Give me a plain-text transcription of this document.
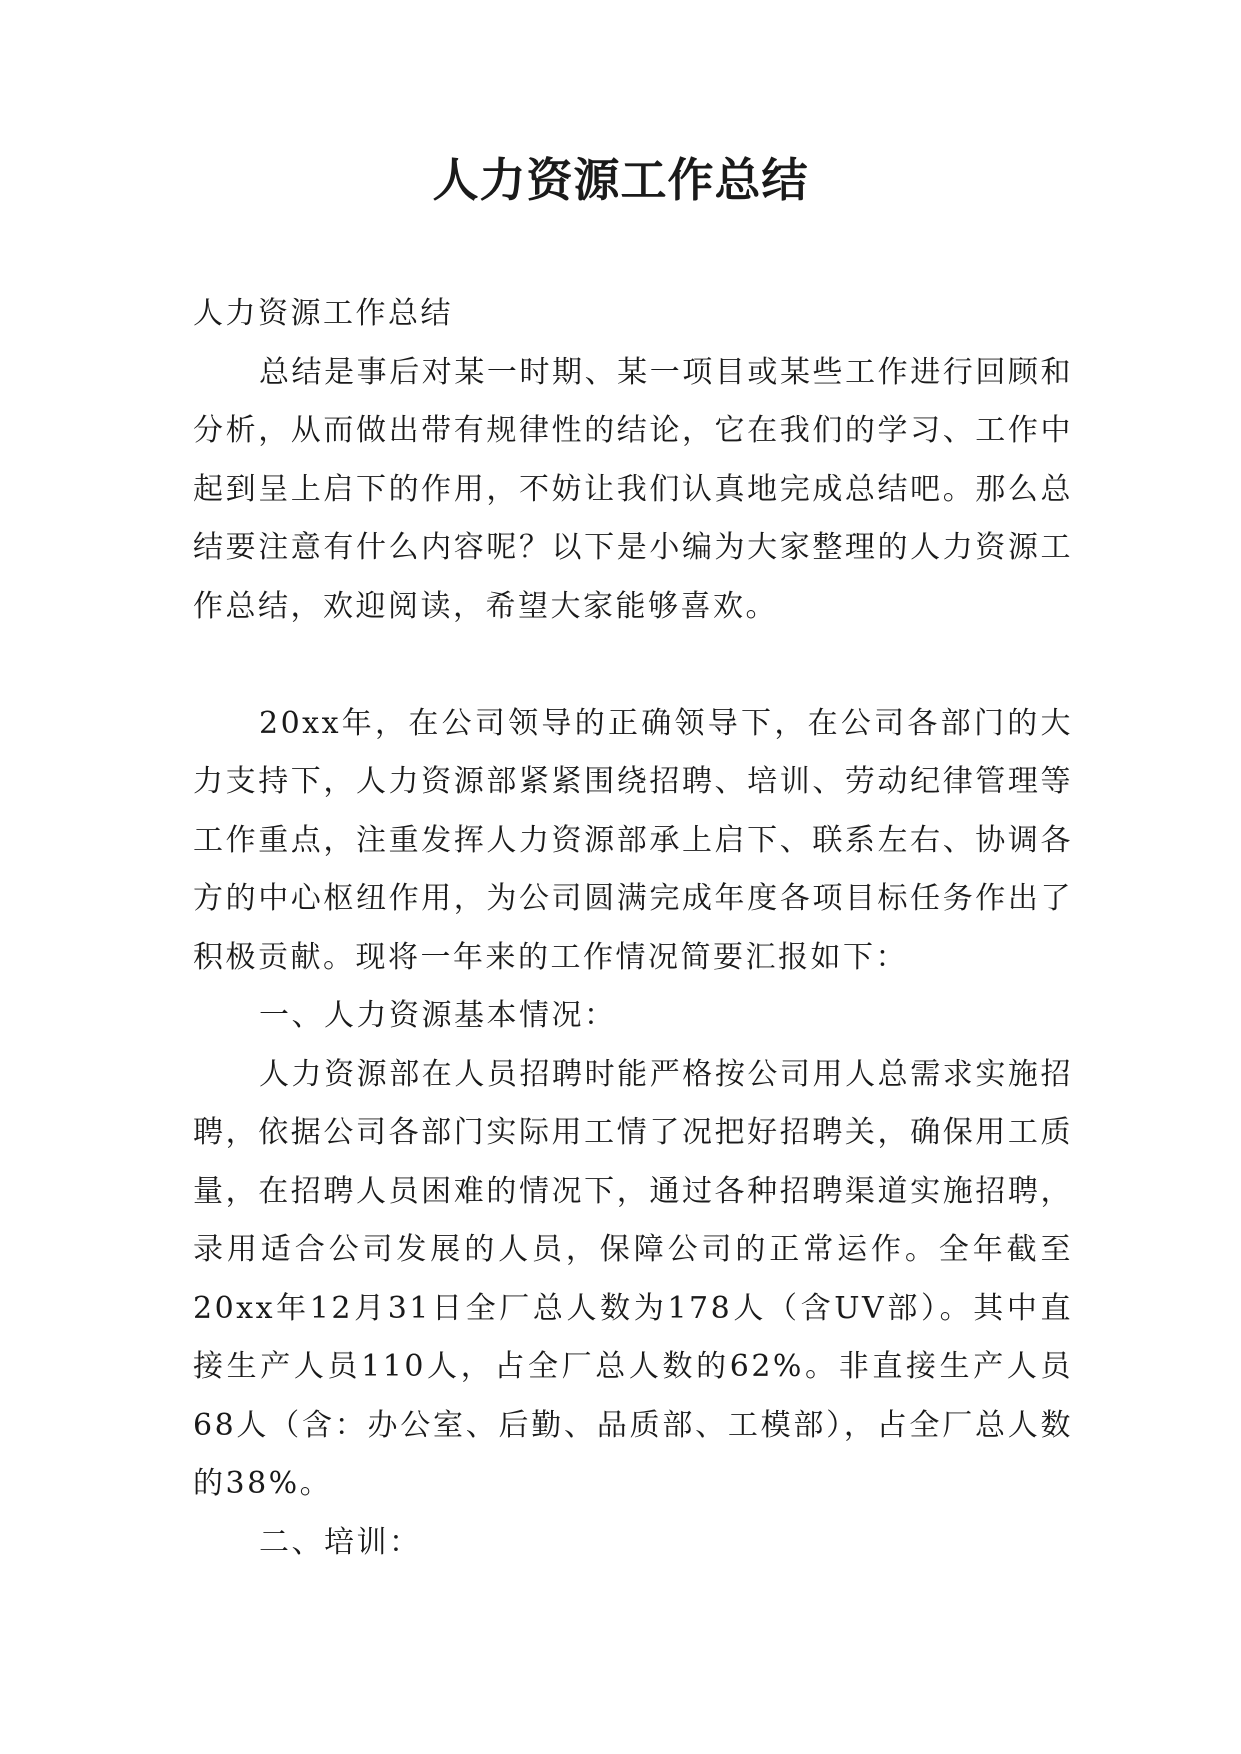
人力资源工作总结

人力资源工作总结

总结是事后对某一时期、某一项目或某些工作进行回顾和分析，从而做出带有规律性的结论，它在我们的学习、工作中起到呈上启下的作用，不妨让我们认真地完成总结吧。那么总结要注意有什么内容呢？以下是小编为大家整理的人力资源工作总结，欢迎阅读，希望大家能够喜欢。

20xx年，在公司领导的正确领导下，在公司各部门的大力支持下，人力资源部紧紧围绕招聘、培训、劳动纪律管理等工作重点，注重发挥人力资源部承上启下、联系左右、协调各方的中心枢纽作用，为公司圆满完成年度各项目标任务作出了积极贡献。现将一年来的工作情况简要汇报如下：

一、人力资源基本情况：

人力资源部在人员招聘时能严格按公司用人总需求实施招聘，依据公司各部门实际用工情了况把好招聘关，确保用工质量，在招聘人员困难的情况下，通过各种招聘渠道实施招聘，录用适合公司发展的人员，保障公司的正常运作。全年截至20xx年12月31日全厂总人数为178人（含UV部）。其中直接生产人员110人，占全厂总人数的62%。非直接生产人员68人（含：办公室、后勤、品质部、工模部），占全厂总人数的38%。

二、培训：
